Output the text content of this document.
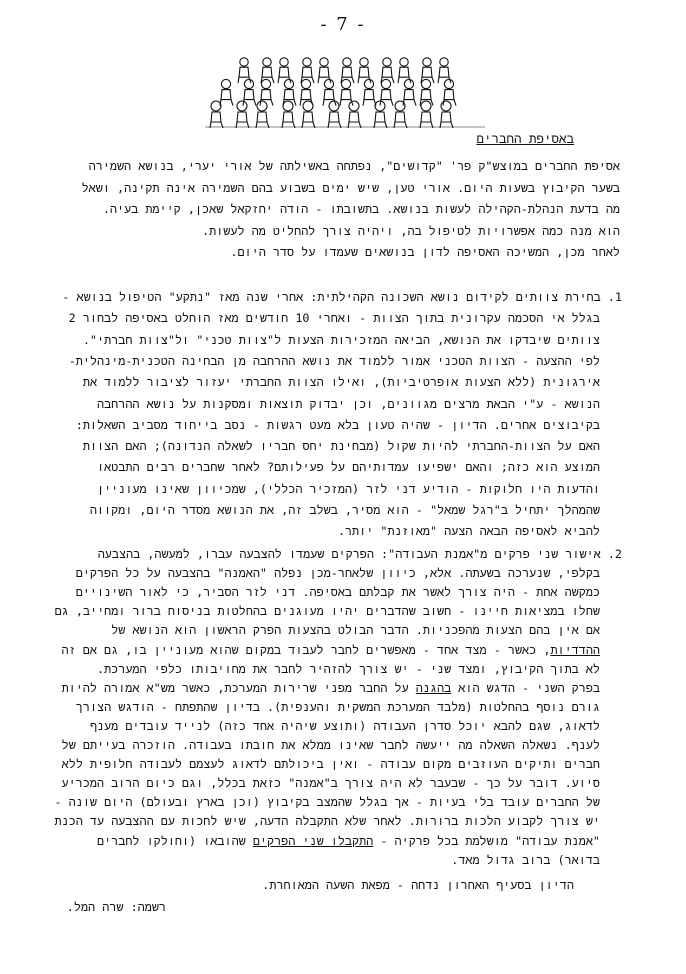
- 7 -
באסיפת החברים
אסיפת החברים במוצש"ק פר' "קדושים", נפתחה באשילתה של אורי יערי, בנושא השמירה
בשער הקיבוץ בשעות היום. אורי טען, שיש ימים בשבוע בהם השמירה אינה תקינה, ושאל
מה בדעת הנהלת-הקהילה לעשות בנושא. בתשובתו - הודה יחזקאל שאכן, קיימת בעיה.
הוא מנה כמה אפשרויות לטיפול בה, ויהיה צורך להחליט מה לעשות.
לאחר מכן, המשיכה האסיפה לדון בנושאים שעמדו על סדר היום.
1. בחירת צוותים לקידום נושא השכונה הקהילתית: אחרי שנה מאז "נתקע" הטיפול בנושא -
בגלל אי הסכמה עקרונית בתוך הצוות - ואחרי 10 חודשים מאז הוחלט באסיפה לבחור 2
צוותים שיבדקו את הנושא, הביאה המזכירות הצעות ל"צוות טכני" ול"צוות חברתי".
לפי ההצעה - הצוות הטכני אמור ללמוד את נושא ההרחבה מן הבחינה הטכנית-מינהלית-
אירגונית (ללא הצעות אופרטיביות), ואילו הצוות החברתי יעזור לציבור ללמוד את
הנושא - ע"י הבאת מרצים מגוונים, וכן יבדוק תוצאות ומסקנות על נושא ההרחבה
בקיבוצים אחרים. הדיון - שהיה טעון בלא מעט רגשות - נסב בייחוד מסביב השאלות:
האם על הצוות-החברתי להיות שקול (מבחינת יחס חבריו לשאלה הנדונה); האם הצוות
המוצע הוא כזה; והאם ישפיעו עמדותיהם על פעילותם? לאחר שחברים רבים התבטאו
והדעות היו חלוקות - הודיע דני לזר (המזכיר הכללי), שמכיוון שאינו מעוניין
שהמהלך יתחיל ב"רגל שמאל" - הוא מסיר, בשלב זה, את הנושא מסדר היום, ומקווה
להביא לאסיפה הבאה הצעה "מאוזנת" יותר.
2. אישור שני פרקים מ"אמנת העבודה": הפרקים שעמדו להצבעה עברו, למעשה, בהצבעה
בקלפי, שנערכה בשעתה. אלא, כיוון שלאחר-מכן נפלה "האמנה" בהצבעה על כל הפרקים
כמקשה אחת - היה צורך לאשר את קבלתם באסיפה. דני לזר הסביר, כי לאור השינויים
שחלו במציאות חיינו - חשוב שהדברים יהיו מעוגנים בהחלטות בניסוח ברור ומחייב, גם
אם אין בהם הצעות מהפכניות. הדבר הבולט בהצעות הפרק הראשון הוא הנושא של
ההדדיות, כאשר - מצד אחד - מאפשרים לחבר לעבוד במקום שהוא מעוניין בו, גם אם זה
לא בתוך הקיבוץ, ומצד שני - יש צורך להזהיר לחבר את מחויבותו כלפי המערכת.
בפרק השני - הדגש הוא בהגנה על החבר מפני שרירות המערכת, כאשר מש"א אמורה להיות
גורם נוסף בהחלטות (מלבד המערכת המשקית והענפית). בדיון שהתפתח - הודגש הצורך
לדאוג, שגם להבא יוכל סדרן העבודה (ותוצע שיהיה אחד כזה) לנייד עובדים מענף
לענף. נשאלה השאלה מה ייעשה לחבר שאינו ממלא את חובתו בעבודה. הוזכרה בעייתם של
חברים ותיקים העוזבים מקום עבודה - ואין ביכולתם לדאוג לעצמם לעבודה חלופית ללא
סיוע. דובר על כך - שבעבר לא היה צורך ב"אמנה" כזאת בכלל, וגם כיום הרוב המכריע
של החברים עובד בלי בעיות - אך בגלל שהמצב בקיבוץ (וכן בארץ ובעולם) היום שונה -
יש צורך לקבוע הלכות ברורות. לאחר שלא התקבלה הדעה, שיש לחכות עם ההצבעה עד הכנת
"אמנת עבודה" מושלמת בכל פרקיה - התקבלו שני הפרקים שהובאו (וחולקו לחברים
בדואר) ברוב גדול מאד.
הדיון בסעיף האחרון נדחה - מפאת השעה המאוחרת.
רשמה: שרה המל.
